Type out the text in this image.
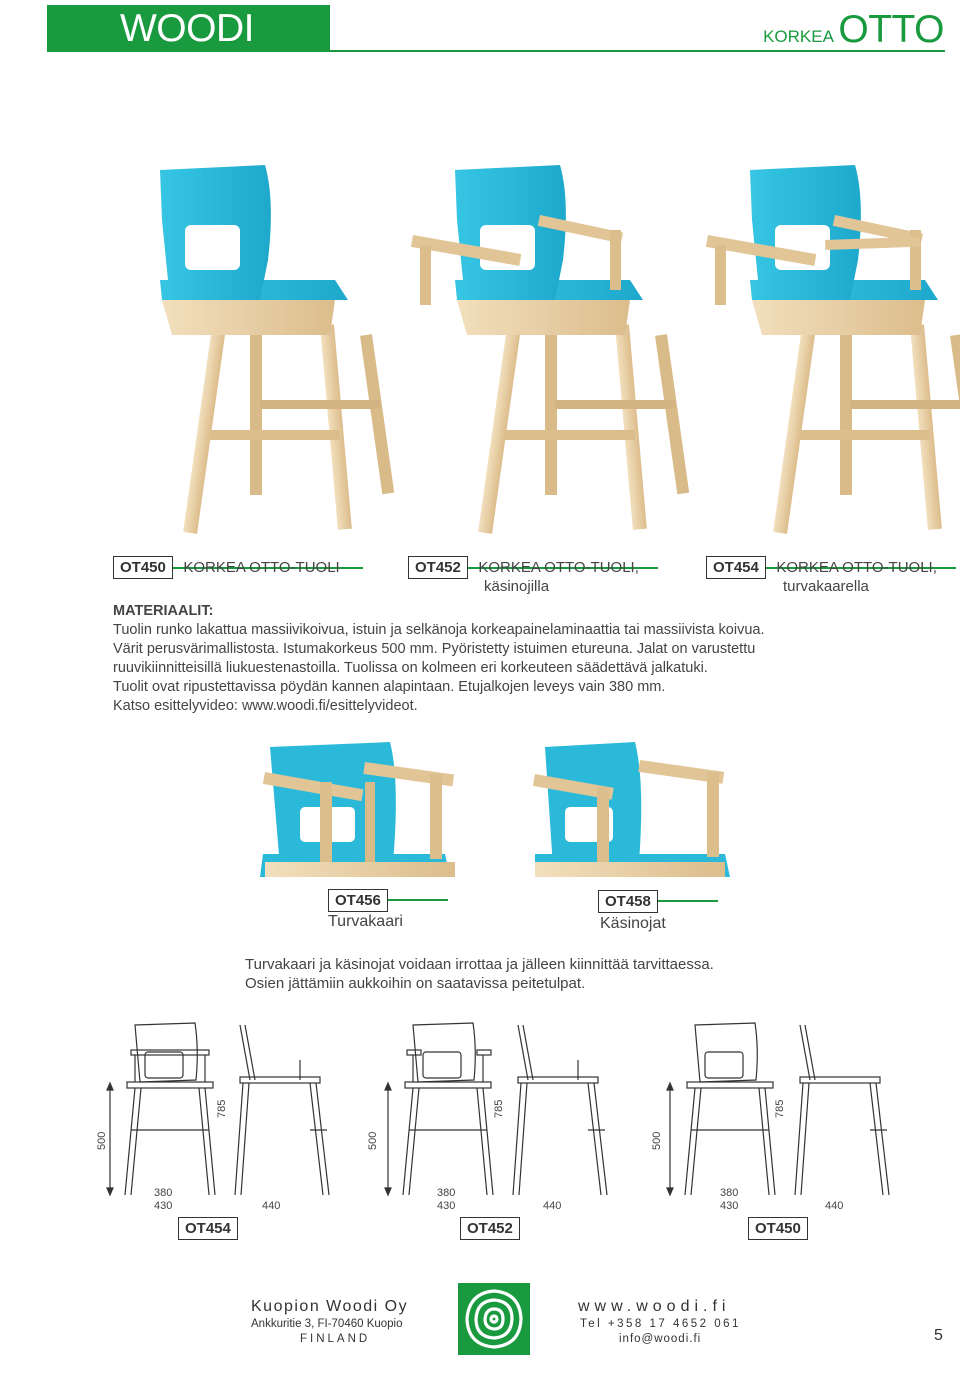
WOODI	KORKEA OTTO
OT450 KORKEA OTTO-TUOLI	OT452 KORKEA OTTO-TUOLI,
käsinojilla
OT454 KORKEA OTTO-TUOLI,
turvakaarella
MATERIAALIT:

Tuolin runko lakattua massiivikoivua, istuin ja selkänoja korkeapainelaminaattia tai massiivista koivua.

Värit perusvärimallistosta. Istumakorkeus 500 mm. Pyöristetty istuimen etureuna. Jalat on varustettu

ruuvikiinnitteisillä liukuestenastoilla. Tuolissa on kolmeen eri korkeuteen säädettävä jalkatuki.

Tuolit ovat ripustettavissa pöydän kannen alapintaan. Etujalkojen leveys vain 380 mm.

Katso esittelyvideo: www.woodi.fi/esittelyvideot.

OT456
Turvakaari
OT458
Käsinojat
Turvakaari ja käsinojat voidaan irrottaa ja jälleen kiinnittää tarvittaessa.
Osien jättämiin aukkoihin on saatavissa peitetulpat.
500
785
380
430	440
OT454
500
785
380
430	440
OT452
500
785
380
430	440
OT450
Kuopion Woodi Oy
Ankkuritie 3, FI-70460 Kuopio
FINLAND
www.woodi.fi
Tel +358 17 4652 061
info@woodi.fi	5
